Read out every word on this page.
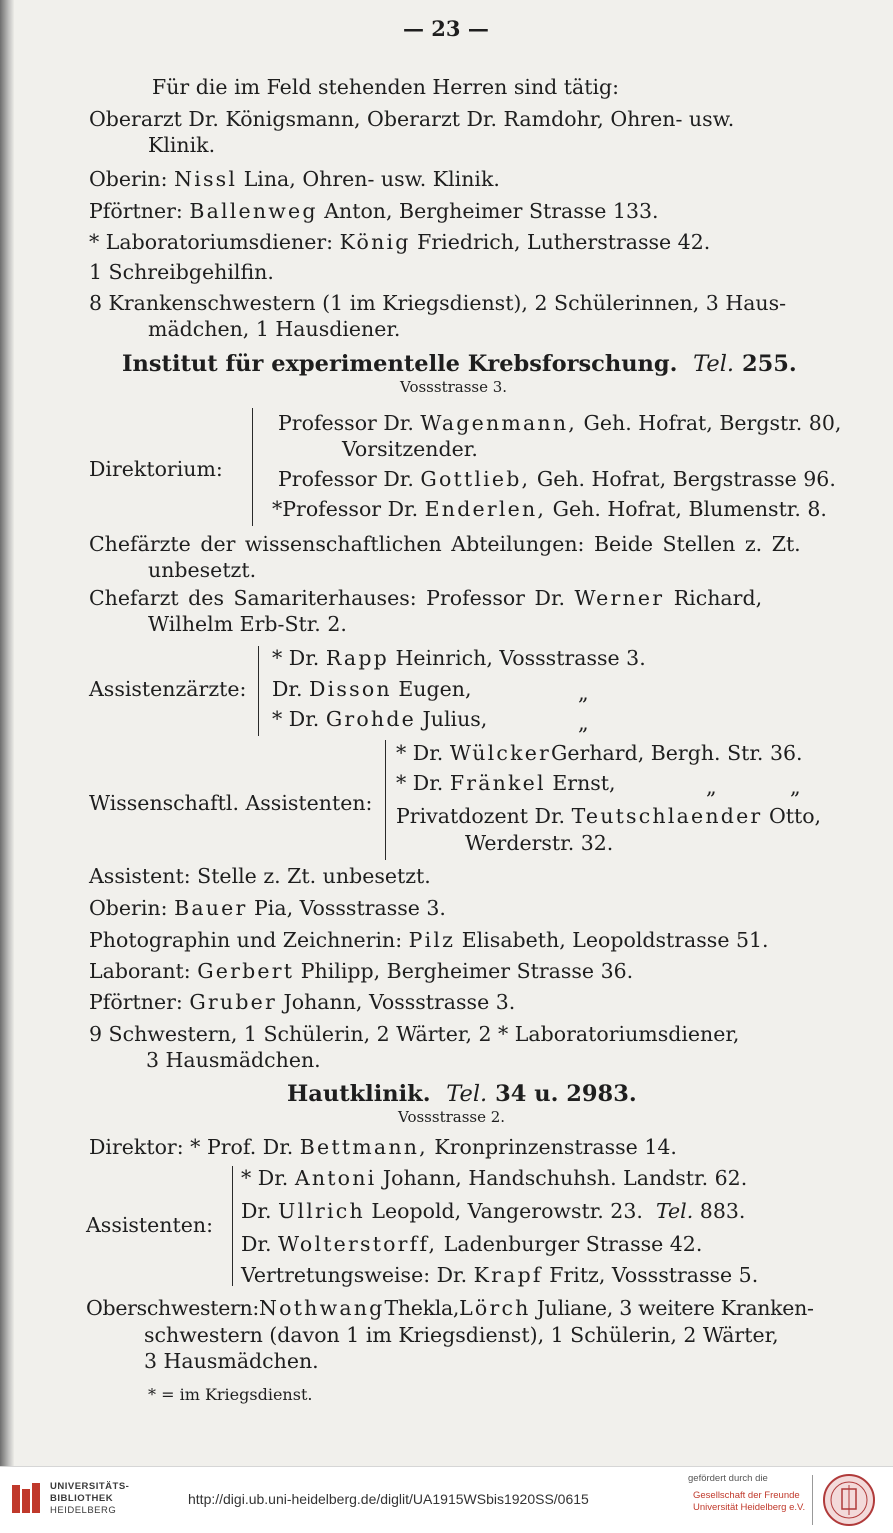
— 23 —
Für die im Feld stehenden Herren sind tätig:
Oberarzt Dr. Königsmann, Oberarzt Dr. Ramdohr, Ohren- usw.
Klinik.
Oberin: Nissl Lina, Ohren- usw. Klinik.
Pförtner: Ballenweg Anton, Bergheimer Strasse 133.
* Laboratoriumsdiener: König Friedrich, Lutherstrasse 42.
1 Schreibgehilfin.
8 Krankenschwestern (1 im Kriegsdienst), 2 Schülerinnen, 3 Haus-
mädchen, 1 Hausdiener.
Institut für experimentelle Krebsforschung. Tel. 255.
Vossstrasse 3.
Direktorium:
Professor Dr. Wagenmann, Geh. Hofrat, Bergstr. 80,
Vorsitzender.
Professor Dr. Gottlieb, Geh. Hofrat, Bergstrasse 96.
*Professor Dr. Enderlen, Geh. Hofrat, Blumenstr. 8.
Chefärzte der wissenschaftlichen Abteilungen: Beide Stellen z. Zt.
unbesetzt.
Chefarzt des Samariterhauses: Professor Dr. Werner Richard,
Wilhelm Erb-Str. 2.
Assistenzärzte:
* Dr. Rapp Heinrich, Vossstrasse 3.
Dr. Disson Eugen,	„
* Dr. Grohde Julius,	„
Wissenschaftl. Assistenten:
* Dr. WülckerGerhard, Bergh. Str. 36.
* Dr. Fränkel Ernst,	„	„
Privatdozent Dr. Teutschlaender Otto,
Werderstr. 32.
Assistent: Stelle z. Zt. unbesetzt.
Oberin: Bauer Pia, Vossstrasse 3.
Photographin und Zeichnerin: Pilz Elisabeth, Leopoldstrasse 51.
Laborant: Gerbert Philipp, Bergheimer Strasse 36.
Pförtner: Gruber Johann, Vossstrasse 3.
9 Schwestern, 1 Schülerin, 2 Wärter, 2 * Laboratoriumsdiener,
3 Hausmädchen.
Hautklinik. Tel. 34 u. 2983.
Vossstrasse 2.
Direktor: * Prof. Dr. Bettmann, Kronprinzenstrasse 14.
Assistenten:
* Dr. Antoni Johann, Handschuhsh. Landstr. 62.
Dr. Ullrich Leopold, Vangerowstr. 23. Tel. 883.
Dr. Wolterstorff, Ladenburger Strasse 42.
Vertretungsweise: Dr. Krapf Fritz, Vossstrasse 5.
Oberschwestern:NothwangThekla,Lörch Juliane, 3 weitere Kranken-
schwestern (davon 1 im Kriegsdienst), 1 Schülerin, 2 Wärter,
3 Hausmädchen.
* = im Kriegsdienst.
UNIVERSITÄTS-
BIBLIOTHEK
HEIDELBERG
http://digi.ub.uni-heidelberg.de/diglit/UA1915WSbis1920SS/0615
gefördert durch die
Gesellschaft der Freunde
Universität Heidelberg e.V.
